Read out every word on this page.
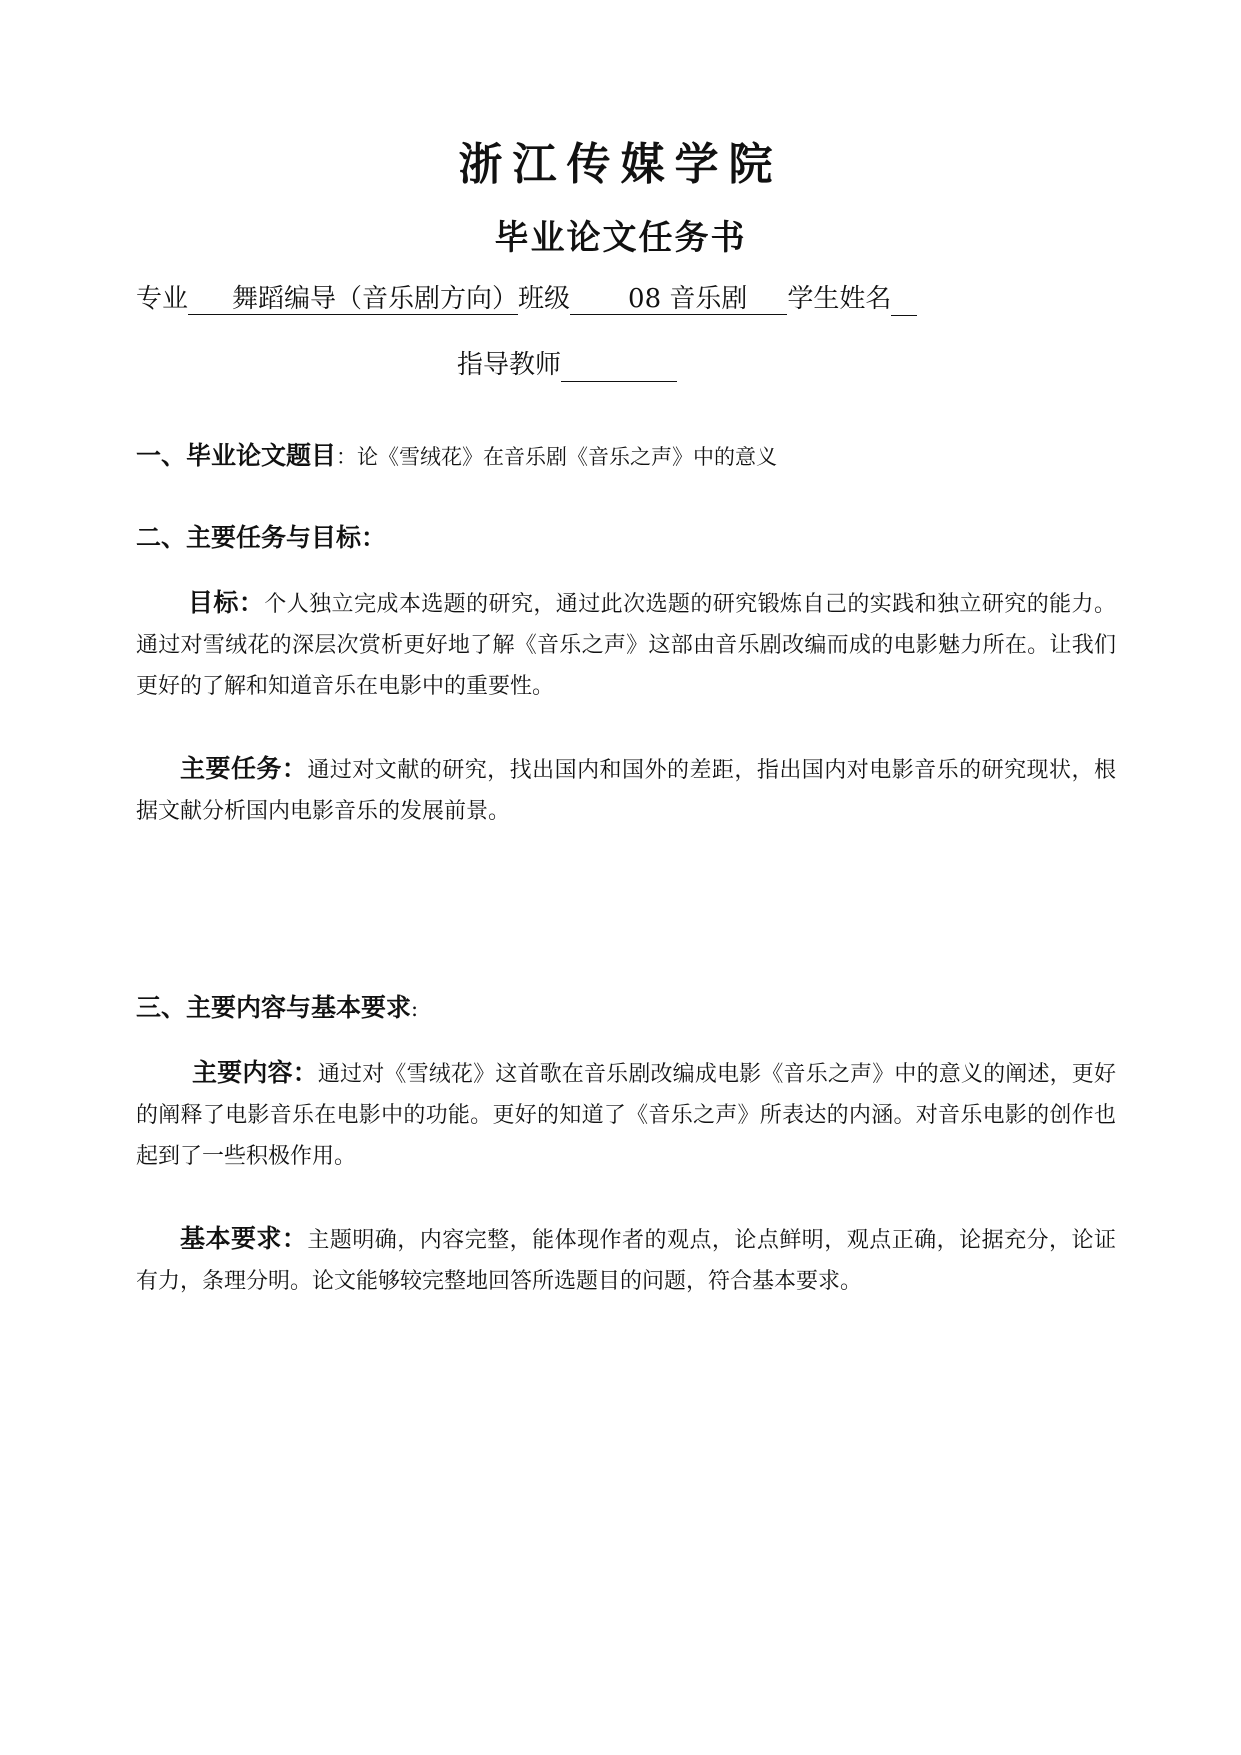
浙江传媒学院
毕业论文任务书
专业 舞蹈编导（音乐剧方向）班级 08 音乐剧 学生姓名
指导教师
一、毕业论文题目：论《雪绒花》在音乐剧《音乐之声》中的意义
二、主要任务与目标：
目标：个人独立完成本选题的研究，通过此次选题的研究锻炼自己的实践和独立研究的能力。通过对雪绒花的深层次赏析更好地了解《音乐之声》这部由音乐剧改编而成的电影魅力所在。让我们更好的了解和知道音乐在电影中的重要性。
主要任务：通过对文献的研究，找出国内和国外的差距，指出国内对电影音乐的研究现状，根据文献分析国内电影音乐的发展前景。
三、主要内容与基本要求:
主要内容：通过对《雪绒花》这首歌在音乐剧改编成电影《音乐之声》中的意义的阐述，更好的阐释了电影音乐在电影中的功能。更好的知道了《音乐之声》所表达的内涵。对音乐电影的创作也起到了一些积极作用。
基本要求：主题明确，内容完整，能体现作者的观点，论点鲜明，观点正确，论据充分，论证有力，条理分明。论文能够较完整地回答所选题目的问题，符合基本要求。
